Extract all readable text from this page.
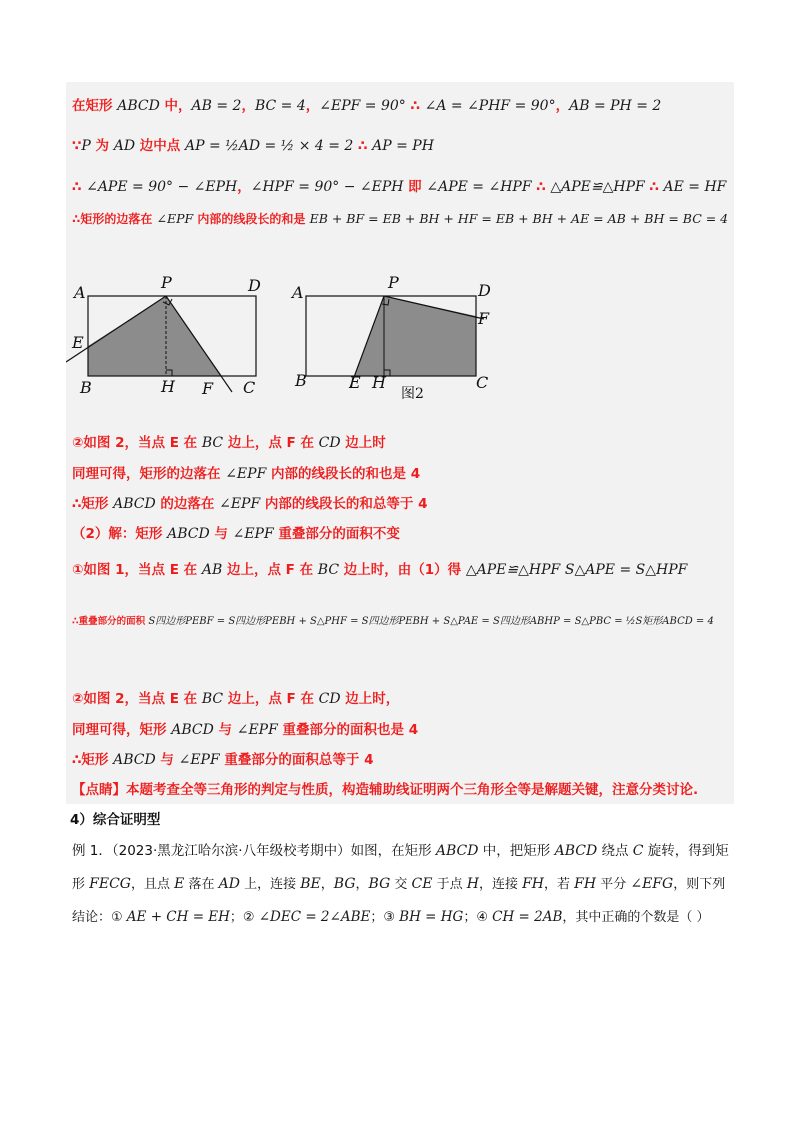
在矩形 ABCD 中，AB = 2，BC = 4，∠EPF = 90° ∴ ∠A = ∠PHF = 90°，AB = PH = 2
∵P 为 AD 边中点 AP = ½AD = ½ × 4 = 2 ∴ AP = PH
∴ ∠APE = 90° − ∠EPH，∠HPF = 90° − ∠EPH 即 ∠APE = ∠HPF ∴ △APE≌△HPF ∴ AE = HF
∴矩形的边落在 ∠EPF 内部的线段长的和是 EB + BF = EB + BH + HF = EB + BH + AE = AB + BH = BC = 4
A
P	D
E
B	H F C
A
P	D
F
B	E H
图2
C
②如图 2，当点 E 在 BC 边上，点 F 在 CD 边上时
同理可得，矩形的边落在 ∠EPF 内部的线段长的和也是 4
∴矩形 ABCD 的边落在 ∠EPF 内部的线段长的和总等于 4
（2）解：矩形 ABCD 与 ∠EPF 重叠部分的面积不变
①如图 1，当点 E 在 AB 边上，点 F 在 BC 边上时，由（1）得 △APE≌△HPF S△APE = S△HPF
∴重叠部分的面积 S四边形PEBF = S四边形PEBH + S△PHF = S四边形PEBH + S△PAE = S四边形ABHP = S△PBC = ½S矩形ABCD = 4
②如图 2，当点 E 在 BC 边上，点 F 在 CD 边上时，
同理可得，矩形 ABCD 与 ∠EPF 重叠部分的面积也是 4
∴矩形 ABCD 与 ∠EPF 重叠部分的面积总等于 4
【点睛】本题考查全等三角形的判定与性质，构造辅助线证明两个三角形全等是解题关键，注意分类讨论.
4）综合证明型
例 1．（2023·黑龙江哈尔滨·八年级校考期中）如图，在矩形 ABCD 中，把矩形 ABCD 绕点 C 旋转，得到矩
形 FECG，且点 E 落在 AD 上，连接 BE，BG，BG 交 CE 于点 H，连接 FH，若 FH 平分 ∠EFG，则下列
结论：① AE + CH = EH；② ∠DEC = 2∠ABE；③ BH = HG；④ CH = 2AB，其中正确的个数是（ ）
